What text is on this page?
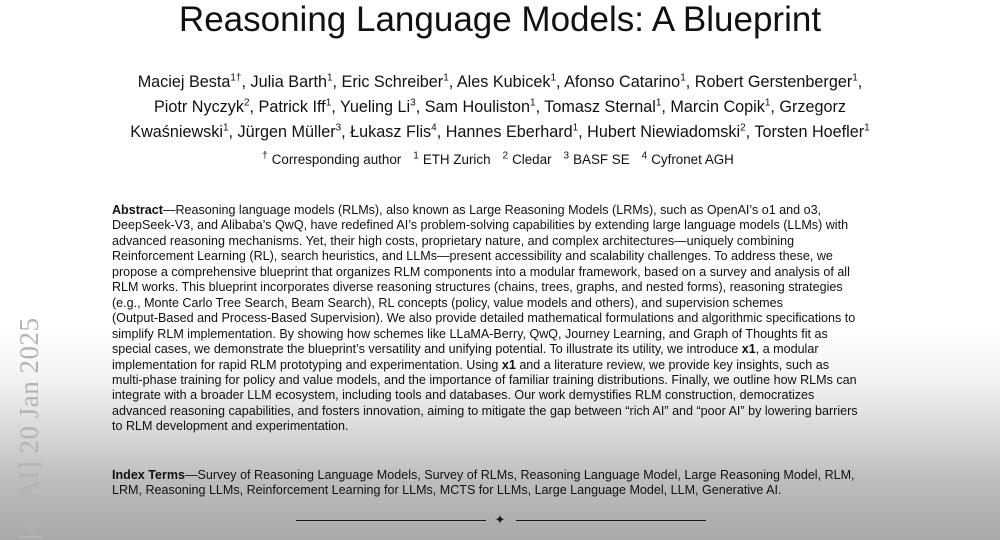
Reasoning Language Models: A Blueprint
Maciej Besta$^{1\dagger}$, Julia Barth$^1$, Eric Schreiber$^1$, Ales Kubicek$^1$, Afonso Catarino$^1$, Robert Gerstenberger$^1$,
Piotr Nyczyk$^2$, Patrick Iff$^1$, Yueling Li$^3$, Sam Houliston$^1$, Tomasz Sternal$^1$, Marcin Copik$^1$, Grzegorz
Kwaśniewski$^1$, Jürgen Müller$^3$, Łukasz Flis$^4$, Hannes Eberhard$^1$, Hubert Niewiadomski$^2$, Torsten Hoefler$^1$
† Corresponding author $^1$ ETH Zurich $^2$ Cledar $^3$ BASF SE $^4$ Cyfronet AGH
Abstract—Reasoning language models (RLMs), also known as Large Reasoning Models (LRMs), such as OpenAI’s o1 and o3,
DeepSeek-V3, and Alibaba’s QwQ, have redefined AI’s problem-solving capabilities by extending large language models (LLMs) with
advanced reasoning mechanisms. Yet, their high costs, proprietary nature, and complex architectures—uniquely combining
Reinforcement Learning (RL), search heuristics, and LLMs—present accessibility and scalability challenges. To address these, we
propose a comprehensive blueprint that organizes RLM components into a modular framework, based on a survey and analysis of all
RLM works. This blueprint incorporates diverse reasoning structures (chains, trees, graphs, and nested forms), reasoning strategies
(e.g., Monte Carlo Tree Search, Beam Search), RL concepts (policy, value models and others), and supervision schemes
(Output-Based and Process-Based Supervision). We also provide detailed mathematical formulations and algorithmic specifications to
simplify RLM implementation. By showing how schemes like LLaMA-Berry, QwQ, Journey Learning, and Graph of Thoughts fit as
special cases, we demonstrate the blueprint’s versatility and unifying potential. To illustrate its utility, we introduce x1, a modular
implementation for rapid RLM prototyping and experimentation. Using x1 and a literature review, we provide key insights, such as
multi-phase training for policy and value models, and the importance of familiar training distributions. Finally, we outline how RLMs can
integrate with a broader LLM ecosystem, including tools and databases. Our work demystifies RLM construction, democratizes
advanced reasoning capabilities, and fosters innovation, aiming to mitigate the gap between “rich AI” and “poor AI” by lowering barriers
to RLM development and experimentation.
Index Terms—Survey of Reasoning Language Models, Survey of RLMs, Reasoning Language Model, Large Reasoning Model, RLM,
LRM, Reasoning LLMs, Reinforcement Learning for LLMs, MCTS for LLMs, Large Language Model, LLM, Generative AI.
[cs.AI] 20 Jan 2025	✦
